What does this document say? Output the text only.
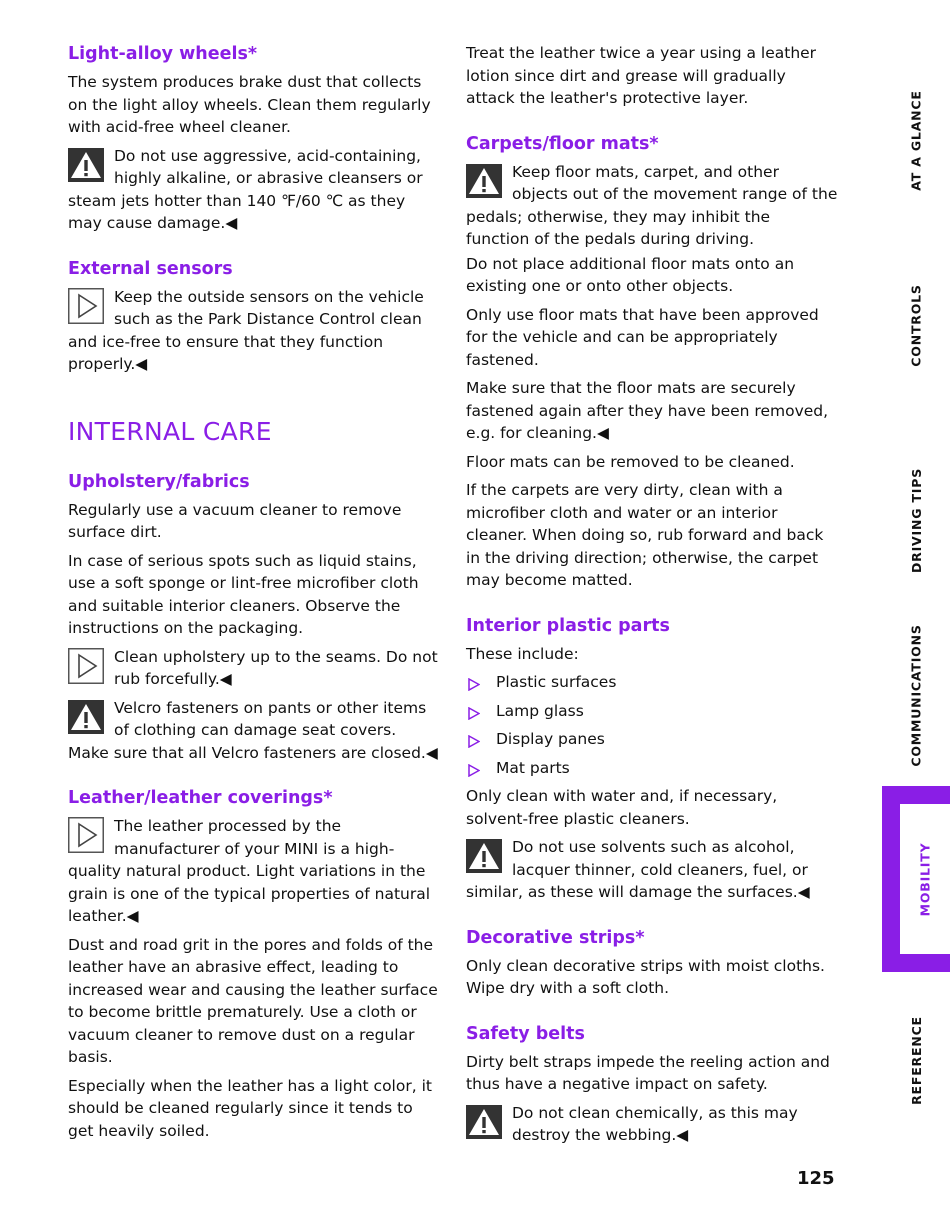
Light-alloy wheels*

The system produces brake dust that collects on the light alloy wheels. Clean them regularly with acid-free wheel cleaner.

Do not use aggressive, acid-containing, highly alkaline, or abrasive cleansers or steam jets hotter than 140 ℉/60 ℃ as they may cause damage.◀
External sensors
Keep the outside sensors on the vehicle such as the Park Distance Control clean and ice-free to ensure that they function properly.◀
INTERNAL CARE
Upholstery/fabrics

Regularly use a vacuum cleaner to remove surface dirt.

In case of serious spots such as liquid stains, use a soft sponge or lint-free microfiber cloth and suitable interior cleaners. Observe the instructions on the packaging.

Clean upholstery up to the seams. Do not rub forcefully.◀
Velcro fasteners on pants or other items of clothing can damage seat covers. Make sure that all Velcro fasteners are closed.◀
Leather/leather coverings*
The leather processed by the manufacturer of your MINI is a high-quality natural product. Light variations in the grain is one of the typical properties of natural leather.◀

Dust and road grit in the pores and folds of the leather have an abrasive effect, leading to increased wear and causing the leather surface to become brittle prematurely. Use a cloth or vacuum cleaner to remove dust on a regular basis.

Especially when the leather has a light color, it should be cleaned regularly since it tends to get heavily soiled.

Treat the leather twice a year using a leather lotion since dirt and grease will gradually attack the leather's protective layer.

Carpets/floor mats*
Keep floor mats, carpet, and other objects out of the movement range of the pedals; otherwise, they may inhibit the function of the pedals during driving.

Do not place additional floor mats onto an existing one or onto other objects.

Only use floor mats that have been approved for the vehicle and can be appropriately fastened.

Make sure that the floor mats are securely fastened again after they have been removed, e.g. for cleaning.◀

Floor mats can be removed to be cleaned.

If the carpets are very dirty, clean with a microfiber cloth and water or an interior cleaner. When doing so, rub forward and back in the driving direction; otherwise, the carpet may become matted.

Interior plastic parts

These include:

Plastic surfaces
Lamp glass
Display panes
Mat parts

Only clean with water and, if necessary, solvent-free plastic cleaners.

Do not use solvents such as alcohol, lacquer thinner, cold cleaners, fuel, or similar, as these will damage the surfaces.◀
Decorative strips*

Only clean decorative strips with moist cloths. Wipe dry with a soft cloth.

Safety belts

Dirty belt straps impede the reeling action and thus have a negative impact on safety.

Do not clean chemically, as this may destroy the webbing.◀
AT A GLANCE
CONTROLS
DRIVING TIPS
COMMUNICATIONS
MOBILITY
REFERENCE
125
